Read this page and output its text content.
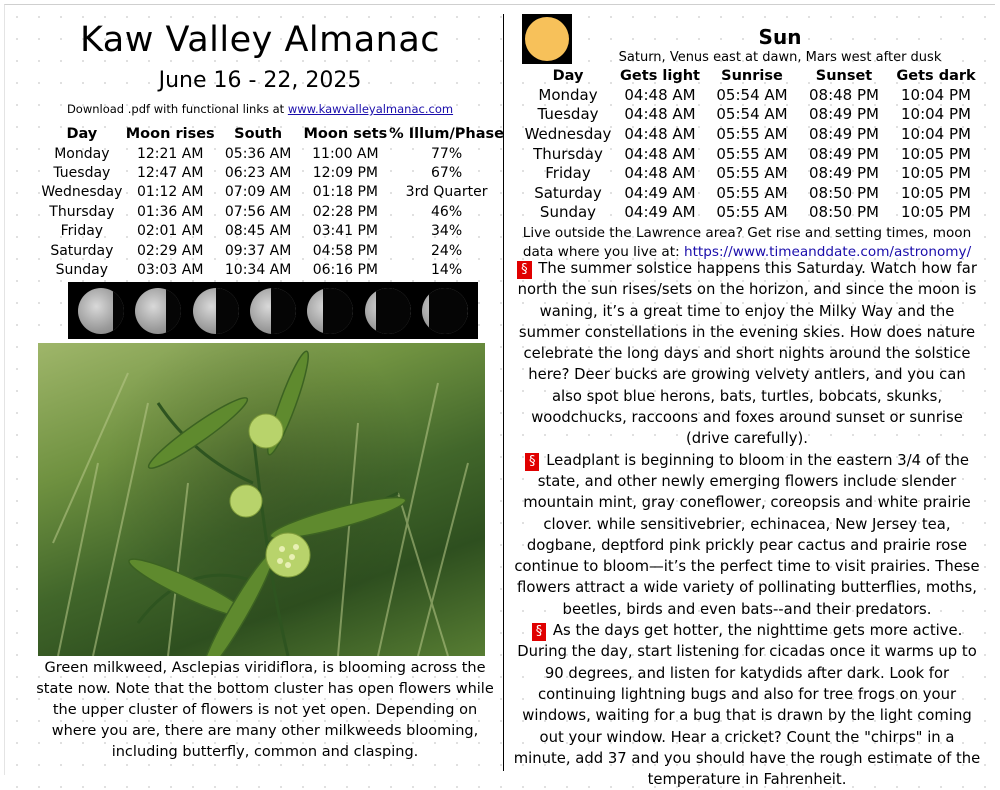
Kaw Valley Almanac
June 16 - 22, 2025
Download .pdf with functional links at www.kawvalleyalmanac.com
Day	Moon rises	South	Moon sets	% Illum/Phase
Monday	12:21 AM	05:36 AM	11:00 AM	77%
Tuesday	12:47 AM	06:23 AM	12:09 PM	67%
Wednesday	01:12 AM	07:09 AM	01:18 PM	3rd Quarter
Thursday	01:36 AM	07:56 AM	02:28 PM	46%
Friday	02:01 AM	08:45 AM	03:41 PM	34%
Saturday	02:29 AM	09:37 AM	04:58 PM	24%
Sunday	03:03 AM	10:34 AM	06:16 PM	14%
Green milkweed, Asclepias viridiflora, is blooming across the state now. Note that the bottom cluster has open flowers while the upper cluster of flowers is not yet open. Depending on where you are, there are many other milkweeds blooming, including butterfly, common and clasping.
Sun
Saturn, Venus east at dawn, Mars west after dusk
Day	Gets light	Sunrise	Sunset	Gets dark
Monday	04:48 AM	05:54 AM	08:48 PM	10:04 PM
Tuesday	04:48 AM	05:54 AM	08:49 PM	10:04 PM
Wednesday	04:48 AM	05:55 AM	08:49 PM	10:04 PM
Thursday	04:48 AM	05:55 AM	08:49 PM	10:05 PM
Friday	04:48 AM	05:55 AM	08:49 PM	10:05 PM
Saturday	04:49 AM	05:55 AM	08:50 PM	10:05 PM
Sunday	04:49 AM	05:55 AM	08:50 PM	10:05 PM
Live outside the Lawrence area? Get rise and setting times, moon data where you live at: https://www.timeanddate.com/astronomy/
§ The summer solstice happens this Saturday. Watch how far north the sun rises/sets on the horizon, and since the moon is waning, it’s a great time to enjoy the Milky Way and the summer constellations in the evening skies. How does nature celebrate the long days and short nights around the solstice here? Deer bucks are growing velvety antlers, and you can also spot blue herons, bats, turtles, bobcats, skunks, woodchucks, raccoons and foxes around sunset or sunrise (drive carefully).
§ Leadplant is beginning to bloom in the eastern 3/4 of the state, and other newly emerging flowers include slender mountain mint, gray coneflower, coreopsis and white prairie clover. while sensitivebrier, echinacea, New Jersey tea, dogbane, deptford pink prickly pear cactus and prairie rose continue to bloom—it’s the perfect time to visit prairies. These flowers attract a wide variety of pollinating butterflies, moths, beetles, birds and even bats--and their predators.
§ As the days get hotter, the nighttime gets more active. During the day, start listening for cicadas once it warms up to 90 degrees, and listen for katydids after dark. Look for continuing lightning bugs and also for tree frogs on your windows, waiting for a bug that is drawn by the light coming out your window. Hear a cricket? Count the "chirps" in a minute, add 37 and you should have the rough estimate of the temperature in Fahrenheit.
